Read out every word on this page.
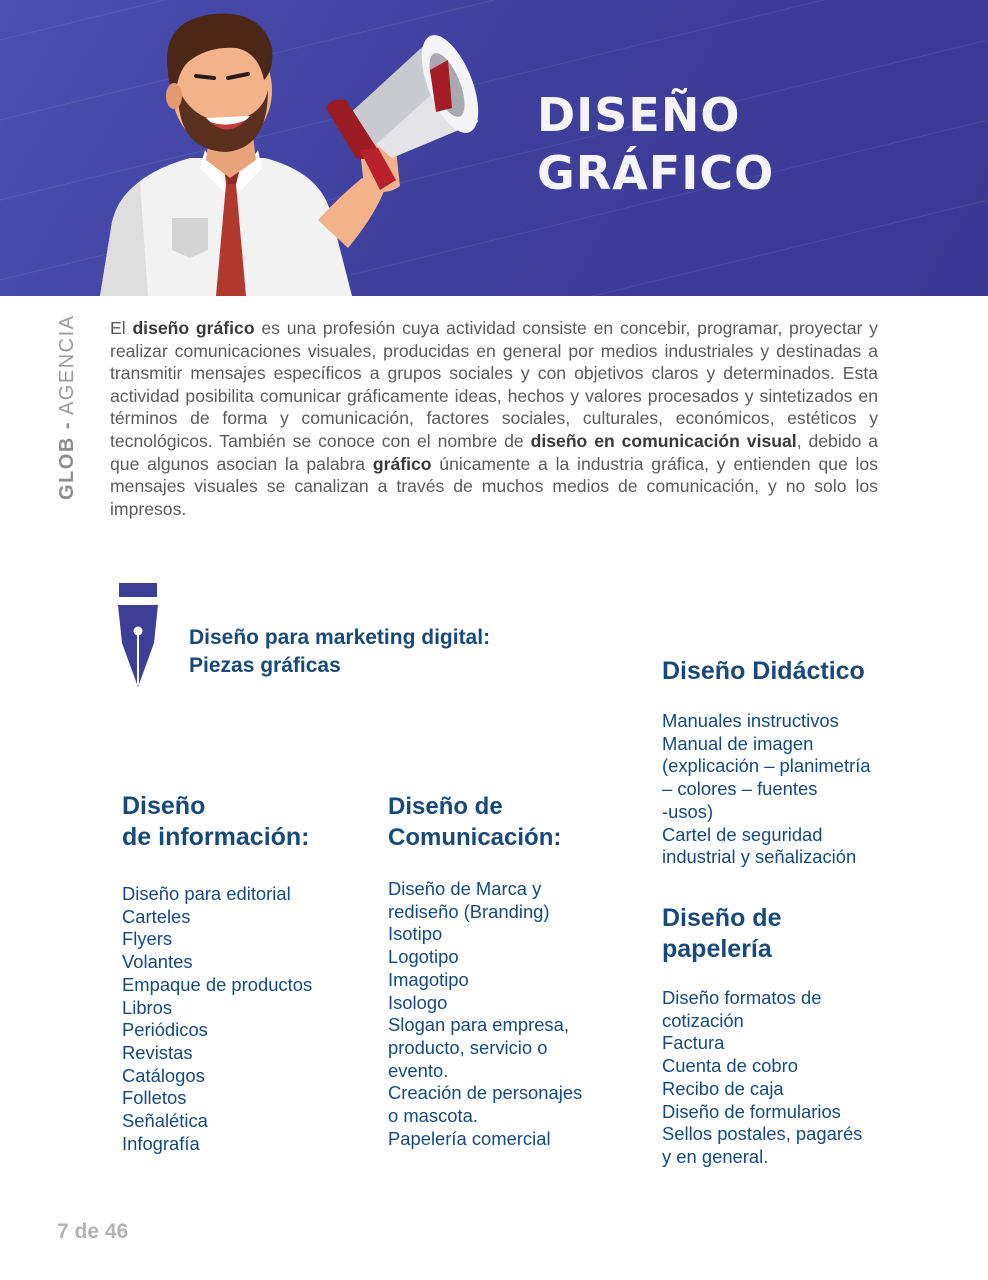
DISEÑO
GRÁFICO
GLOB - AGENCIA El diseño gráfico es una profesión cuya actividad consiste en concebir, programar, proyectar y realizar comunicaciones visuales, producidas en general por medios industriales y destinadas a transmitir mensajes específicos a grupos sociales y con objetivos claros y determinados. Esta actividad posibilita comunicar gráficamente ideas, hechos y valores procesados y sintetizados en términos de forma y comunicación, factores sociales, culturales, económicos, estéticos y tecnológicos. También se conoce con el nombre de diseño en comunicación visual, debido a que algunos asocian la palabra gráfico únicamente a la industria gráfica, y entienden que los mensajes visuales se canalizan a través de muchos medios de comunicación, y no solo los impresos.

Diseño para marketing digital:
Piezas gráficas
Diseño
de información:
Diseño para editorial
Carteles
Flyers
Volantes
Empaque de productos
Libros
Periódicos
Revistas
Catálogos
Folletos
Señalética
Infografía
Diseño de
Comunicación:
Diseño de Marca y
rediseño (Branding)
Isotipo
Logotipo
Imagotipo
Isologo
Slogan para empresa,
producto, servicio o
evento.
Creación de personajes
o mascota.
Papelería comercial
Diseño Didáctico
Manuales instructivos
Manual de imagen
(explicación – planimetría
– colores – fuentes
-usos)
Cartel de seguridad
industrial y señalización
Diseño de
papelería
Diseño formatos de
cotización
Factura
Cuenta de cobro
Recibo de caja
Diseño de formularios
Sellos postales, pagarés
y en general.
7 de 46
